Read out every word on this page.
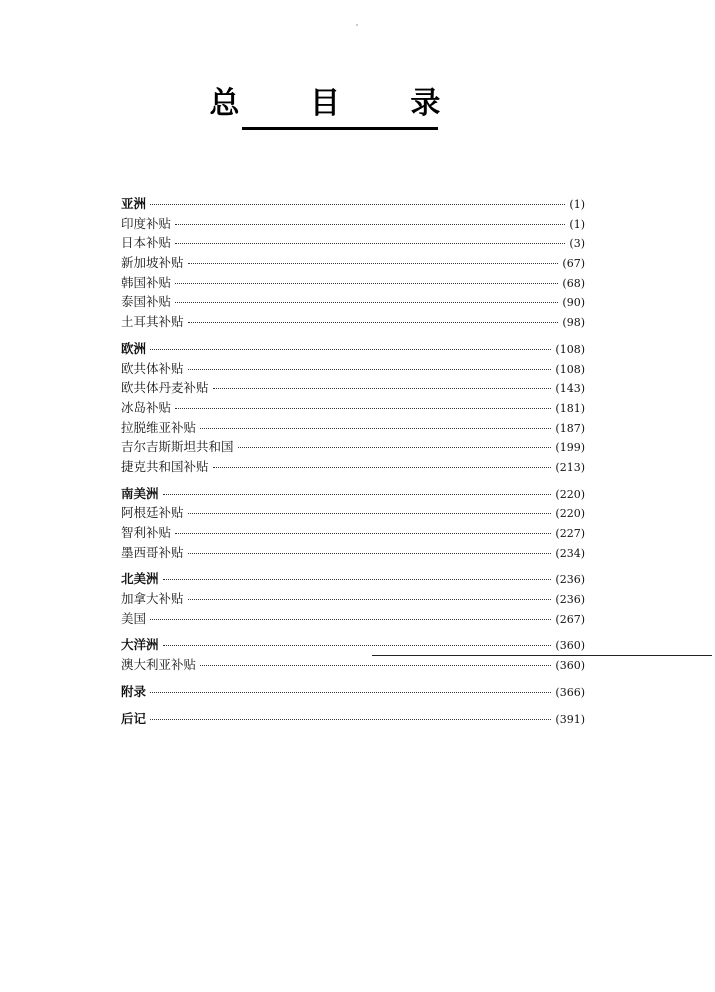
总 目 录
亚洲	(1)
印度补贴	(1)
日本补贴	(3)
新加坡补贴	(67)
韩国补贴	(68)
泰国补贴	(90)
土耳其补贴	(98)
欧洲	(108)
欧共体补贴	(108)
欧共体丹麦补贴	(143)
冰岛补贴	(181)
拉脱维亚补贴	(187)
吉尔吉斯斯坦共和国	(199)
捷克共和国补贴	(213)
南美洲	(220)
阿根廷补贴	(220)
智利补贴	(227)
墨西哥补贴	(234)
北美洲	(236)
加拿大补贴	(236)
美国	(267)
大洋洲	(360)
澳大利亚补贴	(360)
附录	(366)
后记	(391)
